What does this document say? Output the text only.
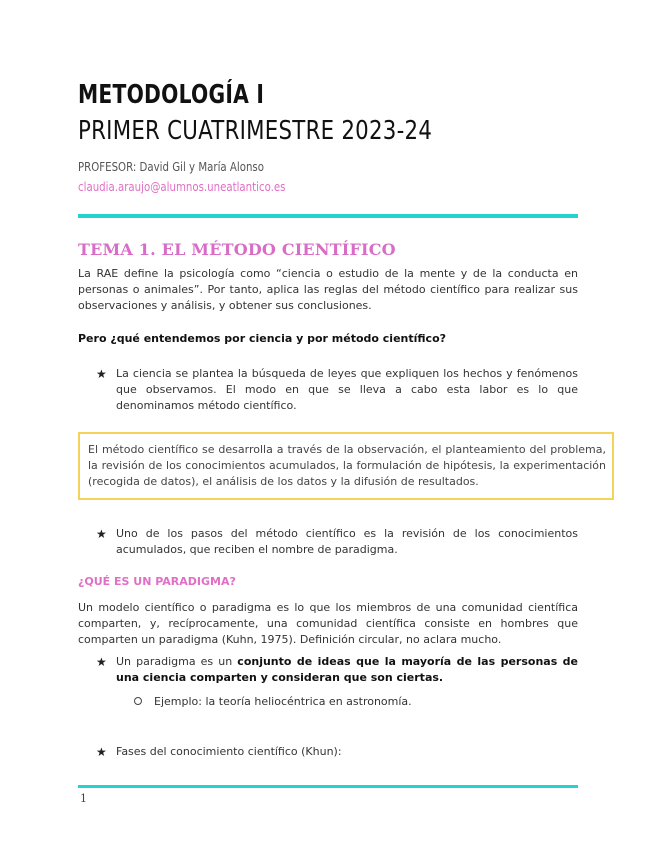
METODOLOGÍA I
PRIMER CUATRIMESTRE 2023-24
PROFESOR: David Gil y María Alonso
claudia.araujo@alumnos.uneatlantico.es
TEMA 1. EL MÉTODO CIENTÍFICO
La RAE define la psicología como “ciencia o estudio de la mente y de la conducta en personas o animales”. Por tanto, aplica las reglas del método científico para realizar sus observaciones y análisis, y obtener sus conclusiones.
Pero ¿qué entendemos por ciencia y por método científico?
★ La ciencia se plantea la búsqueda de leyes que expliquen los hechos y fenómenos que observamos. El modo en que se lleva a cabo esta labor es lo que denominamos método científico.
El método científico se desarrolla a través de la observación, el planteamiento del problema, la revisión de los conocimientos acumulados, la formulación de hipótesis, la experimentación (recogida de datos), el análisis de los datos y la difusión de resultados.
★ Uno de los pasos del método científico es la revisión de los conocimientos acumulados, que reciben el nombre de paradigma.
¿QUÉ ES UN PARADIGMA?
Un modelo científico o paradigma es lo que los miembros de una comunidad científica comparten, y, recíprocamente, una comunidad científica consiste en hombres que comparten un paradigma (Kuhn, 1975). Definición circular, no aclara mucho.
★ Un paradigma es un conjunto de ideas que la mayoría de las personas de una ciencia comparten y consideran que son ciertas.
Ejemplo: la teoría heliocéntrica en astronomía.
★ Fases del conocimiento científico (Khun):
1
